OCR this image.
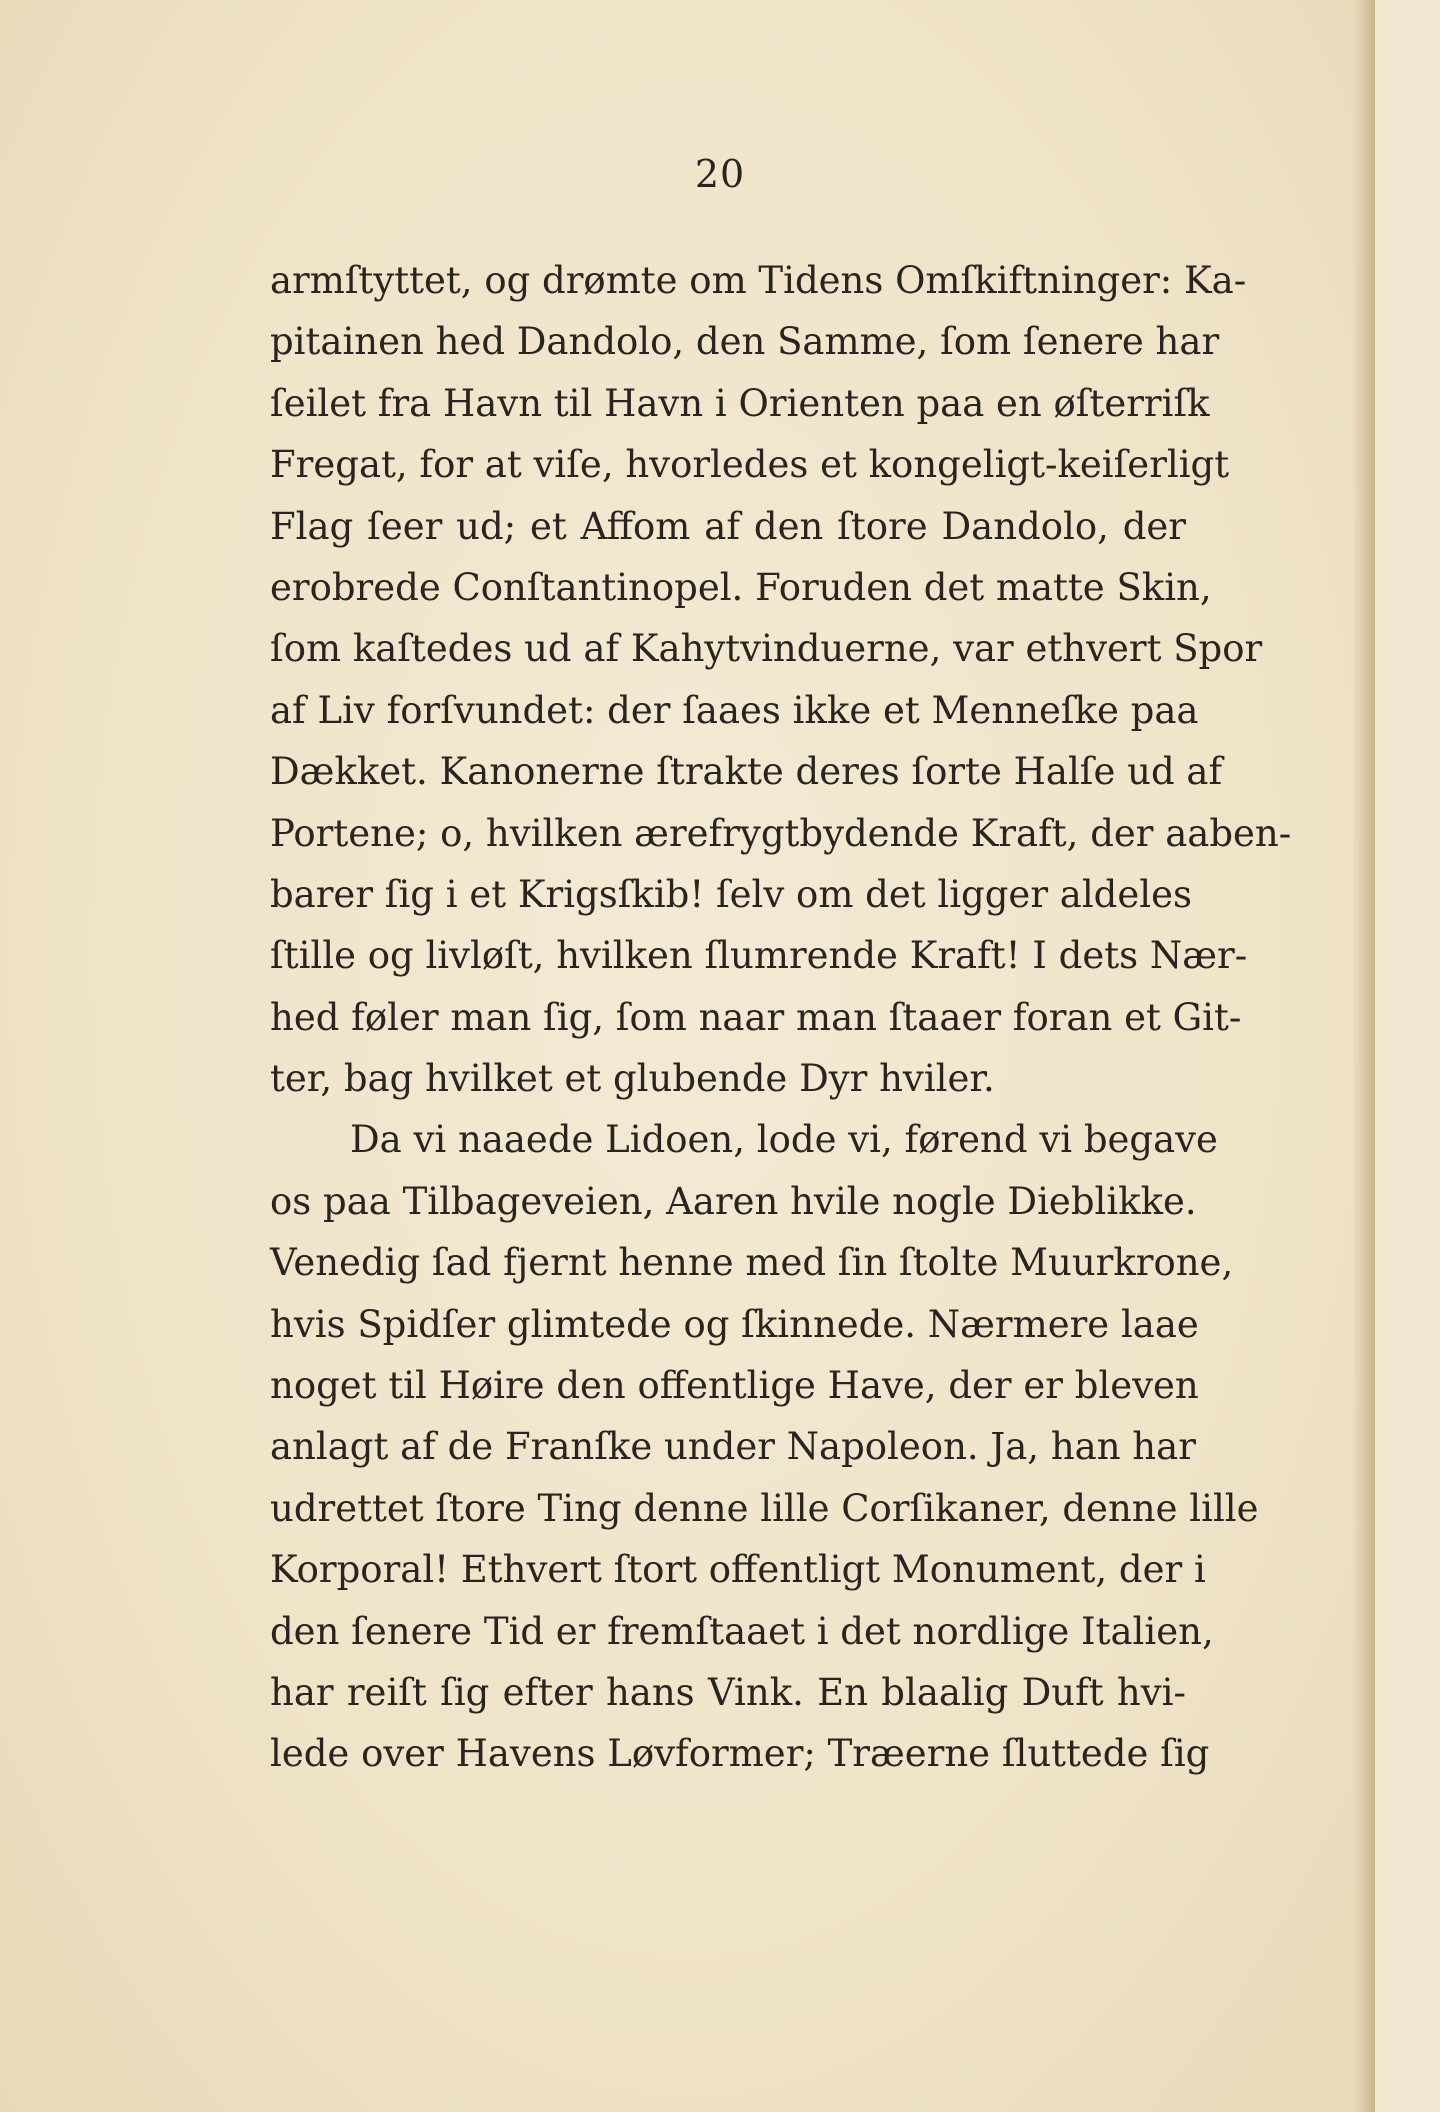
20
armſtyttet, og drømte om Tidens Omſkiftninger: Ka-
pitainen hed Dandolo, den Samme, ſom ſenere har
ſeilet fra Havn til Havn i Orienten paa en øſterriſk
Fregat, for at viſe, hvorledes et kongeligt-keiſerligt
Flag ſeer ud; et Affom af den ſtore Dandolo, der
erobrede Conſtantinopel. Foruden det matte Skin,
ſom kaſtedes ud af Kahytvinduerne, var ethvert Spor
af Liv forſvundet: der ſaaes ikke et Menneſke paa
Dækket. Kanonerne ſtrakte deres ſorte Halſe ud af
Portene; o, hvilken ærefrygtbydende Kraft, der aaben-
barer ſig i et Krigsſkib! ſelv om det ligger aldeles
ſtille og livløſt, hvilken ſlumrende Kraft! I dets Nær-
hed føler man ſig, ſom naar man ſtaaer foran et Git-
ter, bag hvilket et glubende Dyr hviler.
Da vi naaede Lidoen, lode vi, førend vi begave
os paa Tilbageveien, Aaren hvile nogle Dieblikke.
Venedig ſad fjernt henne med ſin ſtolte Muurkrone,
hvis Spidſer glimtede og ſkinnede. Nærmere laae
noget til Høire den offentlige Have, der er bleven
anlagt af de Franſke under Napoleon. Ja, han har
udrettet ſtore Ting denne lille Corſikaner, denne lille
Korporal! Ethvert ſtort offentligt Monument, der i
den ſenere Tid er fremſtaaet i det nordlige Italien,
har reiſt ſig efter hans Vink. En blaalig Duft hvi-
lede over Havens Løvformer; Træerne ſluttede ſig
